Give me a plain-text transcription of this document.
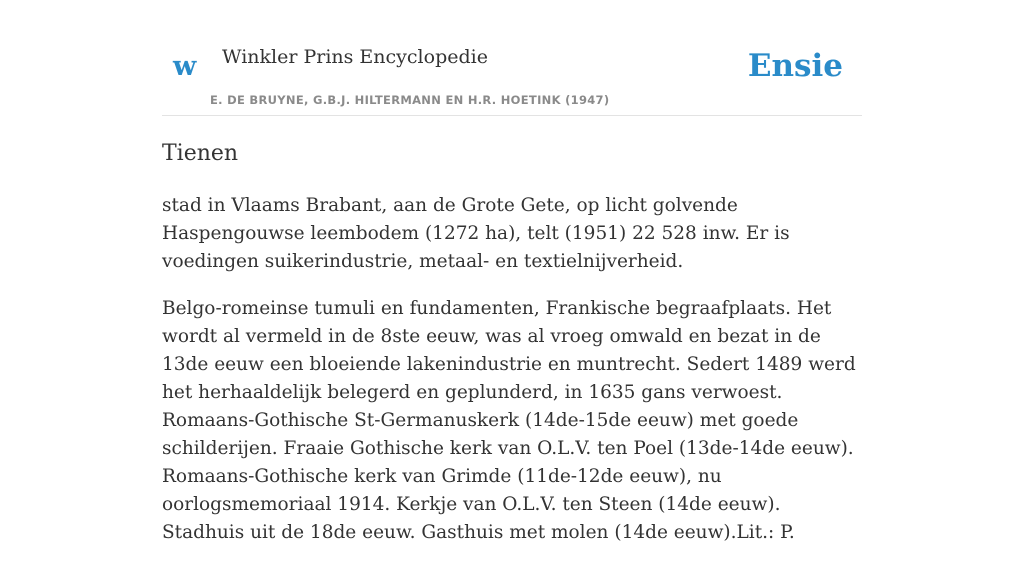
w Winkler Prins Encyclopedie
E. DE BRUYNE, G.B.J. HILTERMANN EN H.R. HOETINK (1947)
Ensie
Tienen

stad in Vlaams Brabant, aan de Grote Gete, op licht golvende Haspengouwse leembodem (1272 ha), telt (1951) 22 528 inw. Er is voedingen suikerindustrie, metaal- en textielnijverheid.

Belgo-romeinse tumuli en fundamenten, Frankische begraafplaats. Het wordt al vermeld in de 8ste eeuw, was al vroeg omwald en bezat in de 13de eeuw een bloeiende lakenindustrie en muntrecht. Sedert 1489 werd het herhaaldelijk belegerd en geplunderd, in 1635 gans verwoest. Romaans-Gothische St-Germanuskerk (14de-15de eeuw) met goede schilderijen. Fraaie Gothische kerk van O.L.V. ten Poel (13de-14de eeuw). Romaans-Gothische kerk van Grimde (11de-12de eeuw), nu oorlogsmemoriaal 1914. Kerkje van O.L.V. ten Steen (14de eeuw). Stadhuis uit de 18de eeuw. Gasthuis met molen (14de eeuw).Lit.: P.
